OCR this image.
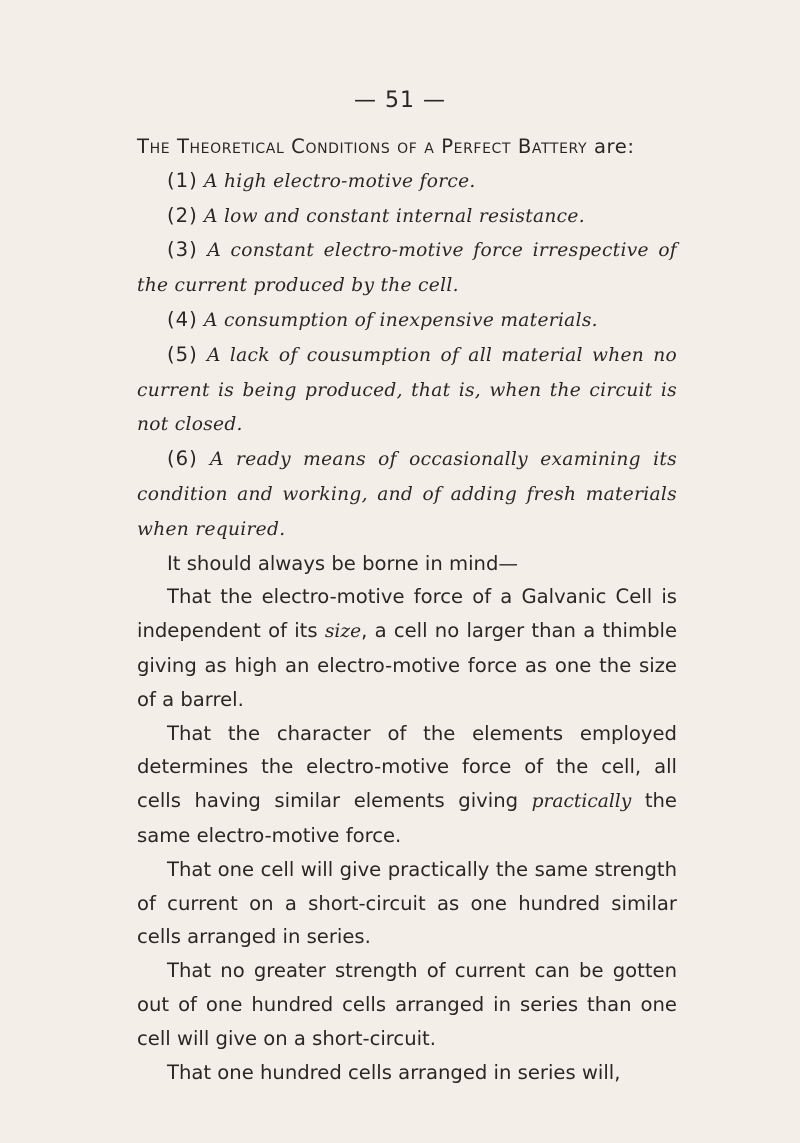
— 51 —
The Theoretical Conditions of a Perfect Battery are:
(1) A high electro-motive force.
(2) A low and constant internal resistance.
(3) A constant electro-motive force irrespective of the current produced by the cell.
(4) A consumption of inexpensive materials.
(5) A lack of cousumption of all material when no current is being produced, that is, when the circuit is not closed.
(6) A ready means of occasionally examining its condition and working, and of adding fresh materials when required.

It should always be borne in mind—

That the electro-motive force of a Galvanic Cell is independent of its size, a cell no larger than a thimble giving as high an electro-motive force as one the size of a barrel.

That the character of the elements employed determines the electro-motive force of the cell, all cells having similar elements giving practically the same electro-motive force.

That one cell will give practically the same strength of current on a short-circuit as one hundred similar cells arranged in series.

That no greater strength of current can be gotten out of one hundred cells arranged in series than one cell will give on a short-circuit.

That one hundred cells arranged in series will,
